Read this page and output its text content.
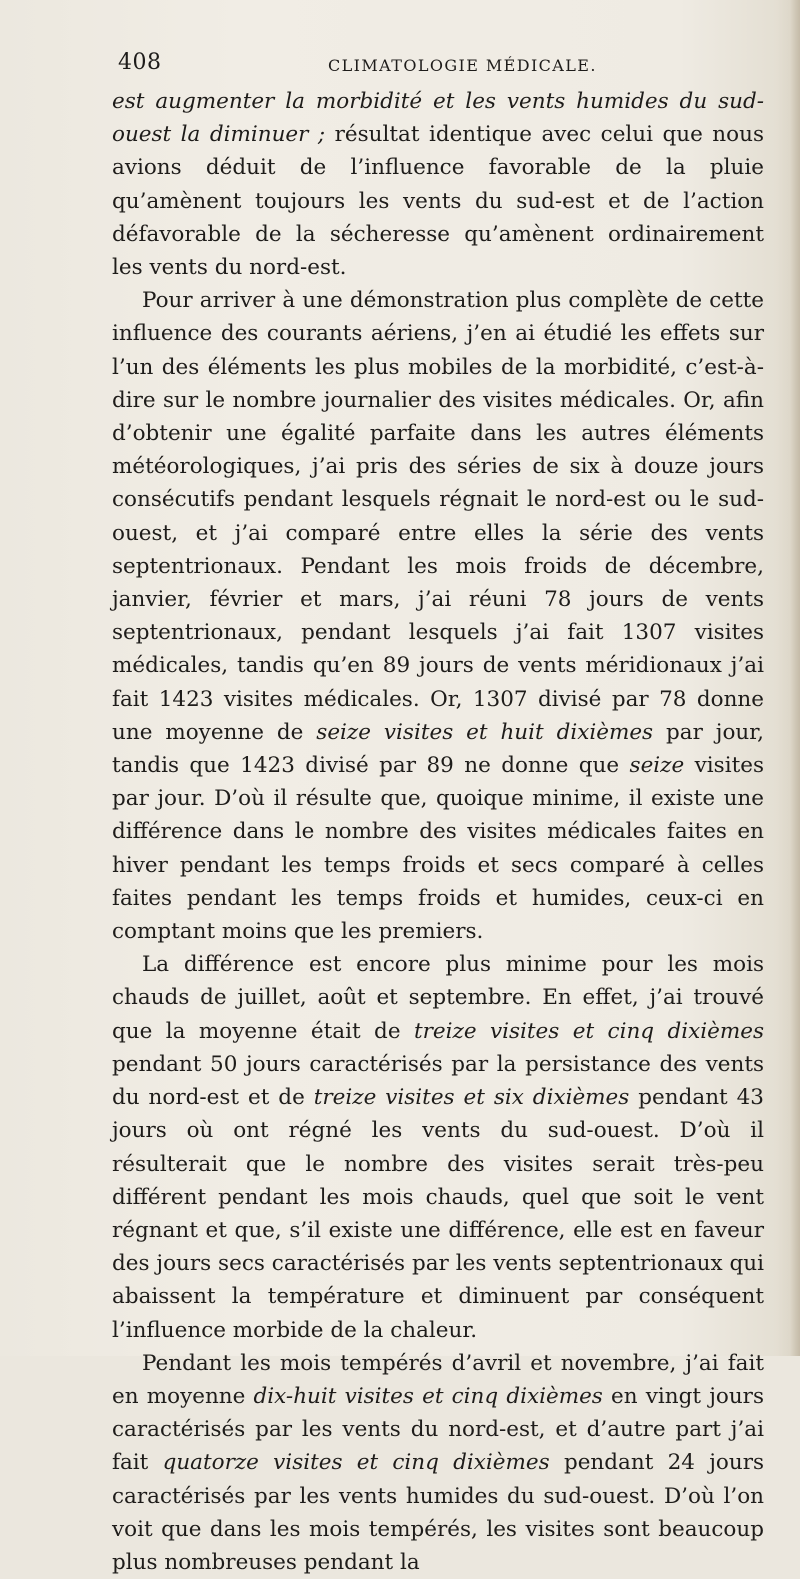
408	CLIMATOLOGIE MÉDICALE.

est augmenter la morbidité et les vents humides du sud-ouest la diminuer ; résultat identique avec celui que nous avions déduit de l’influence favorable de la pluie qu’amènent toujours les vents du sud-est et de l’action défavorable de la sécheresse qu’amènent ordinairement les vents du nord-est.

Pour arriver à une démonstration plus complète de cette influence des courants aériens, j’en ai étudié les effets sur l’un des éléments les plus mobiles de la morbidité, c’est-à-dire sur le nombre journalier des visites médicales. Or, afin d’obtenir une égalité parfaite dans les autres éléments météorologiques, j’ai pris des séries de six à douze jours consécutifs pendant lesquels régnait le nord-est ou le sud-ouest, et j’ai comparé entre elles la série des vents septentrionaux. Pendant les mois froids de décembre, janvier, février et mars, j’ai réuni 78 jours de vents septentrionaux, pendant lesquels j’ai fait 1307 visites médicales, tandis qu’en 89 jours de vents méridionaux j’ai fait 1423 visites médicales. Or, 1307 divisé par 78 donne une moyenne de seize visites et huit dixièmes par jour, tandis que 1423 divisé par 89 ne donne que seize visites par jour. D’où il résulte que, quoique minime, il existe une différence dans le nombre des visites médicales faites en hiver pendant les temps froids et secs comparé à celles faites pendant les temps froids et humides, ceux-ci en comptant moins que les premiers.

La différence est encore plus minime pour les mois chauds de juillet, août et septembre. En effet, j’ai trouvé que la moyenne était de treize visites et cinq dixièmes pendant 50 jours caractérisés par la persistance des vents du nord-est et de treize visites et six dixièmes pendant 43 jours où ont régné les vents du sud-ouest. D’où il résulterait que le nombre des visites serait très-peu différent pendant les mois chauds, quel que soit le vent régnant et que, s’il existe une différence, elle est en faveur des jours secs caractérisés par les vents septentrionaux qui abaissent la température et diminuent par conséquent l’influence morbide de la chaleur.

Pendant les mois tempérés d’avril et novembre, j’ai fait en moyenne dix-huit visites et cinq dixièmes en vingt jours caractérisés par les vents du nord-est, et d’autre part j’ai fait quatorze visites et cinq dixièmes pendant 24 jours caractérisés par les vents humides du sud-ouest. D’où l’on voit que dans les mois tempérés, les visites sont beaucoup plus nombreuses pendant la
